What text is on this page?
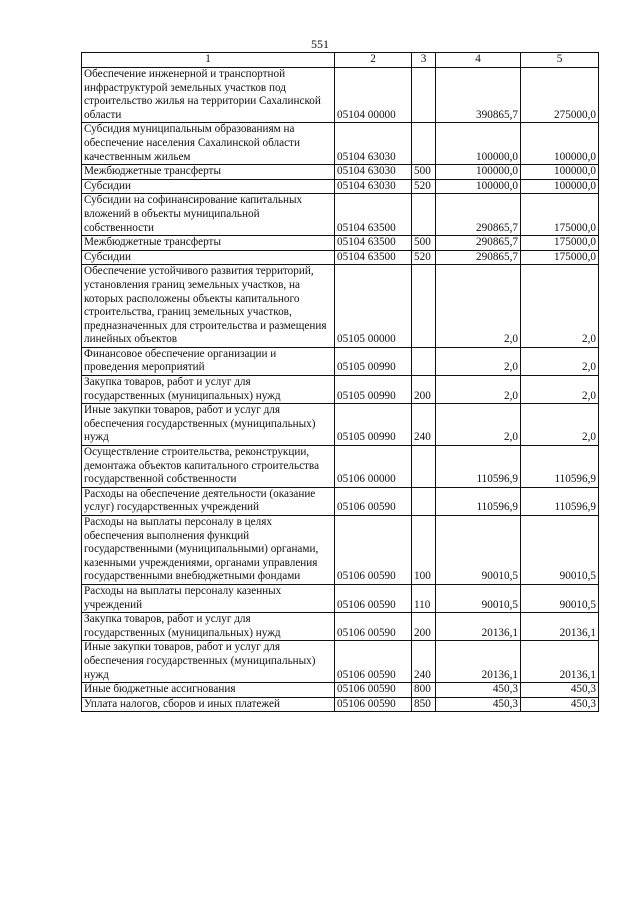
551
1	2	3	4	5
Обеспечение инженерной и транспортной инфраструктурой земельных участков под строительство жилья на территории Сахалинской области	05104 00000		390865,7	275000,0
Субсидия муниципальным образованиям на обеспечение населения Сахалинской области качественным жильем	05104 63030		100000,0	100000,0
Межбюджетные трансферты	05104 63030	500	100000,0	100000,0
Субсидии	05104 63030	520	100000,0	100000,0
Субсидии на софинансирование капитальных вложений в объекты муниципальной собственности	05104 63500		290865,7	175000,0
Межбюджетные трансферты	05104 63500	500	290865,7	175000,0
Субсидии	05104 63500	520	290865,7	175000,0
Обеспечение устойчивого развития территорий, установления границ земельных участков, на которых расположены объекты капитального строительства, границ земельных участков, предназначенных для строительства и размещения линейных объектов	05105 00000		2,0	2,0
Финансовое обеспечение организации и проведения мероприятий	05105 00990		2,0	2,0
Закупка товаров, работ и услуг для государственных (муниципальных) нужд	05105 00990	200	2,0	2,0
Иные закупки товаров, работ и услуг для обеспечения государственных (муниципальных) нужд	05105 00990	240	2,0	2,0
Осуществление строительства, реконструкции, демонтажа объектов капитального строительства государственной собственности	05106 00000		110596,9	110596,9
Расходы на обеспечение деятельности (оказание услуг) государственных учреждений	05106 00590		110596,9	110596,9
Расходы на выплаты персоналу в целях обеспечения выполнения функций государственными (муниципальными) органами, казенными учреждениями, органами управления государственными внебюджетными фондами	05106 00590	100	90010,5	90010,5
Расходы на выплаты персоналу казенных учреждений	05106 00590	110	90010,5	90010,5
Закупка товаров, работ и услуг для государственных (муниципальных) нужд	05106 00590	200	20136,1	20136,1
Иные закупки товаров, работ и услуг для обеспечения государственных (муниципальных) нужд	05106 00590	240	20136,1	20136,1
Иные бюджетные ассигнования	05106 00590	800	450,3	450,3
Уплата налогов, сборов и иных платежей	05106 00590	850	450,3	450,3
